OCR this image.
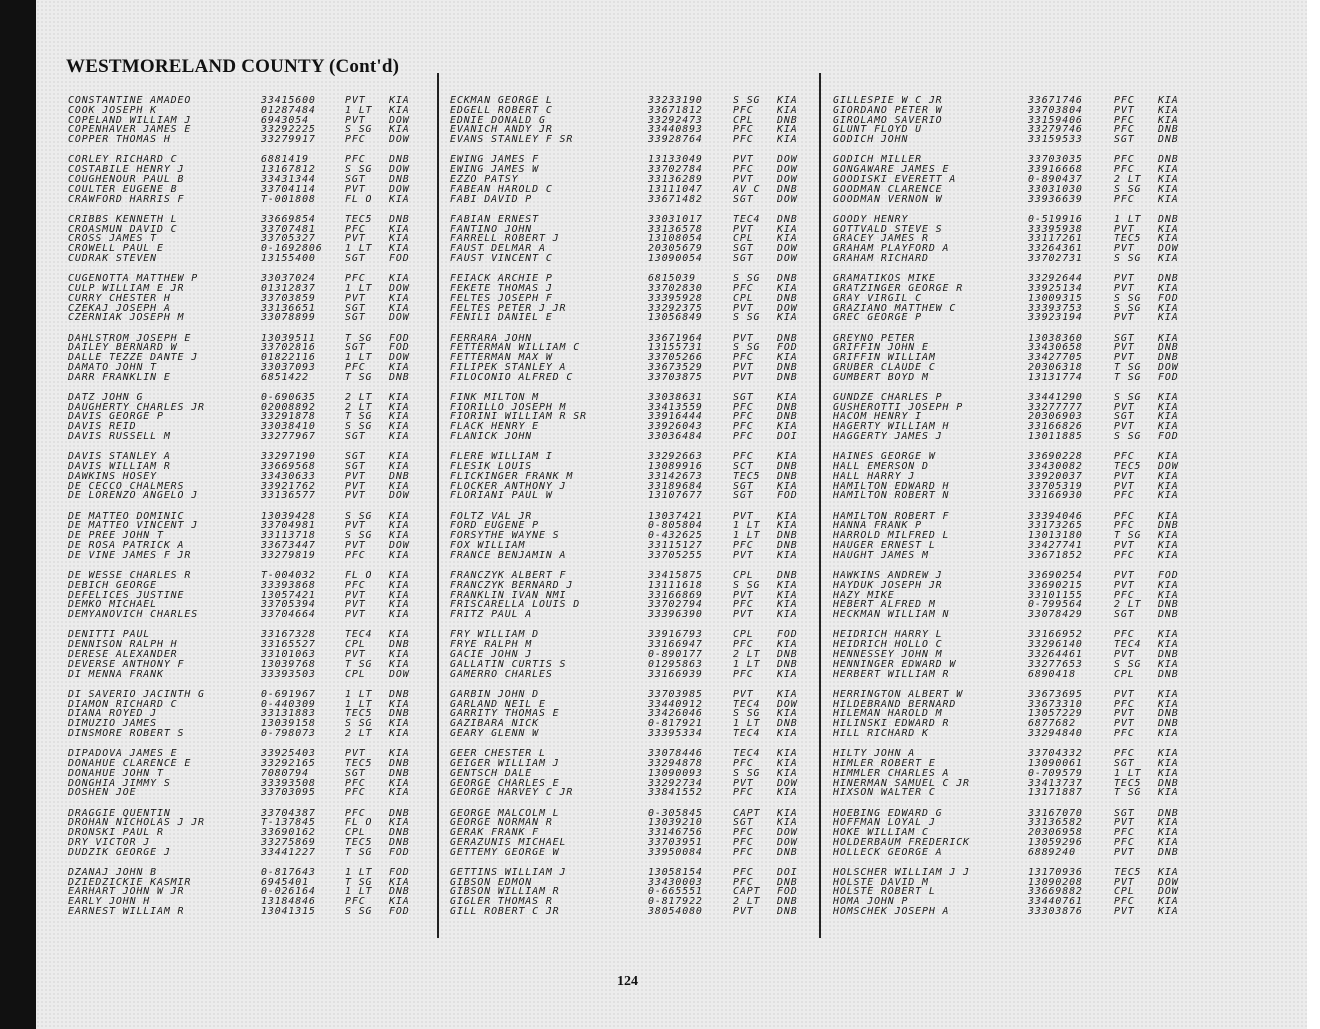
WESTMORELAND COUNTY (Cont'd)
CONSTANTINE AMADEO	33415600	PVT KIA
COOK JOSEPH K	01287484	1 LT KIA
COPELAND WILLIAM J	6943054	PVT DOW
COPENHAVER JAMES E	33292225	S SG KIA
COPPER THOMAS H	33279917	PFC DOW
CORLEY RICHARD C	6881419	PFC DNB
COSTABILE HENRY J	13167812	S SG DOW
COUGHENOUR PAUL B	33431344	SGT DNB
COULTER EUGENE B	33704114	PVT DOW
CRAWFORD HARRIS F	T-001808	FL O KIA
CRIBBS KENNETH L	33669854	TEC5 DNB
CROASMUN DAVID C	33707481	PFC KIA
CROSS JAMES T	33705327	PVT KIA
CROWELL PAUL E	0-1692806 1 LT KIA
CUDRAK STEVEN	13155400	SGT FOD
CUGENOTTA MATTHEW P	33037024	PFC KIA
CULP WILLIAM E JR	01312837	1 LT DOW
CURRY CHESTER H	33703859	PVT KIA
CZEKAJ JOSEPH A	33136651	SGT KIA
CZERNIAK JOSEPH M	33078899	SGT DOW
DAHLSTROM JOSEPH E	13039511	T SG FOD
DAILEY BERNARD W	33702816	SGT FOD
DALLE TEZZE DANTE J	01822116	1 LT DOW
DAMATO JOHN T	33037093	PFC KIA
DARR FRANKLIN E	6851422	T SG DNB
DATZ JOHN G	0-690635	2 LT KIA
DAUGHERTY CHARLES JR	02008892	2 LT KIA
DAVIS GEORGE P	33291878	T SG KIA
DAVIS REID	33038410	S SG KIA
DAVIS RUSSELL M	33277967	SGT KIA
DAVIS STANLEY A	33297190	SGT KIA
DAVIS WILLIAM R	33669568	SGT KIA
DAWKINS HOSEY	33430633	PVT DNB
DE CECCO CHALMERS	33921762	PVT KIA
DE LORENZO ANGELO J	33136577	PVT DOW
DE MATTEO DOMINIC	13039428	S SG KIA
DE MATTEO VINCENT J	33704981	PVT KIA
DE PREE JOHN T	33113718	S SG KIA
DE ROSA PATRICK A	33673447	PVT DOW
DE VINE JAMES F JR	33279819	PFC KIA
DE WESSE CHARLES R	T-004032	FL O KIA
DEBICH GEORGE	33393868	PFC KIA
DEFELICES JUSTINE	13057421	PVT KIA
DEMKO MICHAEL	33705394	PVT KIA
DEMYANOVICH CHARLES	33704664	PVT KIA
DENITTI PAUL	33167328	TEC4 KIA
DENNISON RALPH H	33165527	CPL DNB
DERESE ALEXANDER	33101063	PVT KIA
DEVERSE ANTHONY F	13039768	T SG KIA
DI MENNA FRANK	33393503	CPL DOW
DI SAVERIO JACINTH G	0-691967	1 LT DNB
DIAMON RICHARD C	0-440309	1 LT KIA
DIANA ROYED J	33131883	TEC5 DNB
DIMUZIO JAMES	13039158	S SG KIA
DINSMORE ROBERT S	0-798073	2 LT KIA
DIPADOVA JAMES E	33925403	PVT KIA
DONAHUE CLARENCE E	33292165	TEC5 DNB
DONAHUE JOHN T	7080794	SGT DNB
DONGHIA JIMMY S	33393508	PFC KIA
DOSHEN JOE	33703095	PFC KIA
DRAGGIE QUENTIN	33704387	PFC DNB
DROHAN NICHOLAS J JR	T-137845	FL O KIA
DRONSKI PAUL R	33690162	CPL DNB
DRY VICTOR J	33275869	TEC5 DNB
DUDZIK GEORGE J	33441227	T SG FOD
DZANAJ JOHN B	0-817643	1 LT FOD
DZIEDZICKIE KASMIR	6945401	T SG KIA
EARHART JOHN W JR	0-026164	1 LT DNB
EARLY JOHN H	13184846	PFC KIA
EARNEST WILLIAM R	13041315	S SG FOD
ECKMAN GEORGE L	33233190	S SG KIA
EDGELL ROBERT C	33671812	PFC KIA
EDNIE DONALD G	33292473	CPL DNB
EVANICH ANDY JR	33440893	PFC KIA
EVANS STANLEY F SR	33928764	PFC KIA
EWING JAMES F	13133049	PVT DOW
EWING JAMES W	33702784	PFC DOW
EZZO PATSY	33136289	PVT DOW
FABEAN HAROLD C	13111047	AV C DNB
FABI DAVID P	33671482	SGT DOW
FABIAN ERNEST	33031017	TEC4 DNB
FANTINO JOHN	33136578	PVT KIA
FARRELL ROBERT J	13108054	CPL KIA
FAUST DELMAR A	20305679	SGT DOW
FAUST VINCENT C	13090054	SGT DOW
FEIACK ARCHIE P	6815039	S SG DNB
FEKETE THOMAS J	33702830	PFC KIA
FELTES JOSEPH F	33395928	CPL DNB
FELTES PETER J JR	33292375	PVT DOW
FENILI DANIEL E	13056849	S SG KIA
FERRARA JOHN	33671964	PVT DNB
FETTERMAN WILLIAM C	13155731	S SG FOD
FETTERMAN MAX W	33705266	PFC KIA
FILIPEK STANLEY A	33673529	PVT DNB
FILOCONIO ALFRED C	33703875	PVT DNB
FINK MILTON M	33038631	SGT KIA
FIORILLO JOSEPH M	33413559	PFC DNB
FIORINI WILLIAM R SR	33916444	PFC DNB
FLACK HENRY E	33926043	PFC KIA
FLANICK JOHN	33036484	PFC DOI
FLERE WILLIAM I	33292663	PFC KIA
FLESIK LOUIS	13089916	SCT DNB
FLICKINGER FRANK M	33142673	TEC5 DNB
FLOCKER ANTHONY J	33189684	SGT KIA
FLORIANI PAUL W	13107677	SGT FOD
FOLTZ VAL JR	13037421	PVT KIA
FORD EUGENE P	0-805804	1 LT KIA
FORSYTHE WAYNE S	0-432625	1 LT DNB
FOX WILLIAM	33115127	PFC DNB
FRANCE BENJAMIN A	33705255	PVT KIA
FRANCZYK ALBERT F	33415875	CPL DNB
FRANCZYK BERNARD J	13111618	S SG KIA
FRANKLIN IVAN NMI	33166869	PVT KIA
FRISCARELLA LOUIS D	33702794	PFC KIA
FRITZ PAUL A	33396390	PVT KIA
FRY WILLIAM D	33916793	CPL FOD
FRYE RALPH M	33166947	PFC KIA
GACIE JOHN J	0-890177	2 LT DNB
GALLATIN CURTIS S	01295863	1 LT DNB
GAMERRO CHARLES	33166939	PFC KIA
GARBIN JOHN D	33703985	PVT KIA
GARLAND NEIL E	33440912	TEC4 DOW
GARRITY THOMAS E	33426046	S SG KIA
GAZIBARA NICK	0-817921	1 LT DNB
GEARY GLENN W	33395334	TEC4 KIA
GEER CHESTER L	33078446	TEC4 KIA
GEIGER WILLIAM J	33294878	PFC KIA
GENTSCH DALE	13090093	S SG KIA
GEORGE CHARLES E	33292734	PVT DOW
GEORGE HARVEY C JR	33841552	PFC KIA
GEORGE MALCOLM L	0-305845	CAPT KIA
GEORGE NORMAN R	13039210	SGT KIA
GERAK FRANK F	33146756	PFC DOW
GERAZUNIS MICHAEL	33703951	PFC DOW
GETTEMY GEORGE W	33950084	PFC DNB
GETTINS WILLIAM J	13058154	PFC DOI
GIBSON EDMON	33430003	PFC DNB
GIBSON WILLIAM R	0-665551	CAPT FOD
GIGLER THOMAS R	0-817922	2 LT DNB
GILL ROBERT C JR	38054080	PVT DNB
GILLESPIE W C JR	33671746	PFC KIA
GIORDANO PETER W	33703804	PVT KIA
GIROLAMO SAVERIO	33159406	PFC KIA
GLUNT FLOYD U	33279746	PFC DNB
GODICH JOHN	33159533	SGT DNB
GODICH MILLER	33703035	PFC DNB
GONGAWARE JAMES E	33916668	PFC KIA
GOODISKI EVERETT A	0-890437	2 LT KIA
GOODMAN CLARENCE	33031030	S SG KIA
GOODMAN VERNON W	33936639	PFC KIA
GOODY HENRY	0-519916	1 LT DNB
GOTTVALD STEVE S	33395938	PVT KIA
GRACEY JAMES R	33117261	TEC5 KIA
GRAHAM PLAYFORD A	33264361	PVT DOW
GRAHAM RICHARD	33702731	S SG KIA
GRAMATIKOS MIKE	33292644	PVT DNB
GRATZINGER GEORGE R	33925134	PVT KIA
GRAY VIRGIL C	13009315	S SG FOD
GRAZIANO MATTHEW C	33393753	S SG KIA
GREC GEORGE P	33923194	PVT KIA
GREYNO PETER	13038360	SGT KIA
GRIFFIN JOHN E	33430658	PVT DNB
GRIFFIN WILLIAM	33427705	PVT DNB
GRUBER CLAUDE C	20306318	T SG DOW
GUMBERT BOYD M	13131774	T SG FOD
GUNDZE CHARLES P	33441290	S SG KIA
GUSHEROTTI JOSEPH P	33277777	PVT KIA
HACOM HENRY I	20306903	SGT KIA
HAGERTY WILLIAM H	33166826	PVT KIA
HAGGERTY JAMES J	13011885	S SG FOD
HAINES GEORGE W	33690228	PFC KIA
HALL EMERSON D	33430082	TEC5 DOW
HALL HARRY J	33920037	PVT KIA
HAMILTON EDWARD H	33705319	PVT KIA
HAMILTON ROBERT N	33166930	PFC KIA
HAMILTON ROBERT F	33394046	PFC KIA
HANNA FRANK P	33173265	PFC DNB
HARROLD MILFRED L	13013180	T SG KIA
HAUGER ERNEST L	33427741	PVT KIA
HAUGHT JAMES M	33671852	PFC KIA
HAWKINS ANDREW J	33690254	PVT FOD
HAYDUK JOSEPH JR	33690215	PVT KIA
HAZY MIKE	33101155	PFC KIA
HEBERT ALFRED M	0-799564	2 LT DNB
HECKMAN WILLIAM N	33078429	SGT DNB
HEIDRICH HARRY L	33166952	PFC KIA
HEIDRICH HOLLO C	33296140	TEC4 KIA
HENNESSEY JOHN M	33264461	PVT DNB
HENNINGER EDWARD W	33277653	S SG KIA
HERBERT WILLIAM R	6890418	CPL DNB
HERRINGTON ALBERT W	33673695	PVT KIA
HILDEBRAND BERNARD	33673310	PFC KIA
HILEMAN HAROLD M	13057229	PVT DNB
HILINSKI EDWARD R	6877682	PVT DNB
HILL RICHARD K	33294840	PFC KIA
HILTY JOHN A	33704332	PFC KIA
HIMLER ROBERT E	13090061	SGT KIA
HIMMLER CHARLES A	0-709579	1 LT KIA
HINERMAN SAMUEL C JR	33413737	TEC5 DNB
HIXSON WALTER C	13171887	T SG KIA
HOEBING EDWARD G	33167070	SGT DNB
HOFFMAN LOYAL J	33136582	PVT KIA
HOKE WILLIAM C	20306958	PFC KIA
HOLDERBAUM FREDERICK	13059296	PFC KIA
HOLLECK GEORGE A	6889240	PVT DNB
HOLSCHER WILLIAM J J	13170936	TEC5 KIA
HOLSTE DAVID M	13090208	PVT DOW
HOLSTE ROBERT L	33669882	CPL DOW
HOMA JOHN P	33440761	PFC KIA
HOMSCHEK JOSEPH A	33303876	PVT KIA
124
